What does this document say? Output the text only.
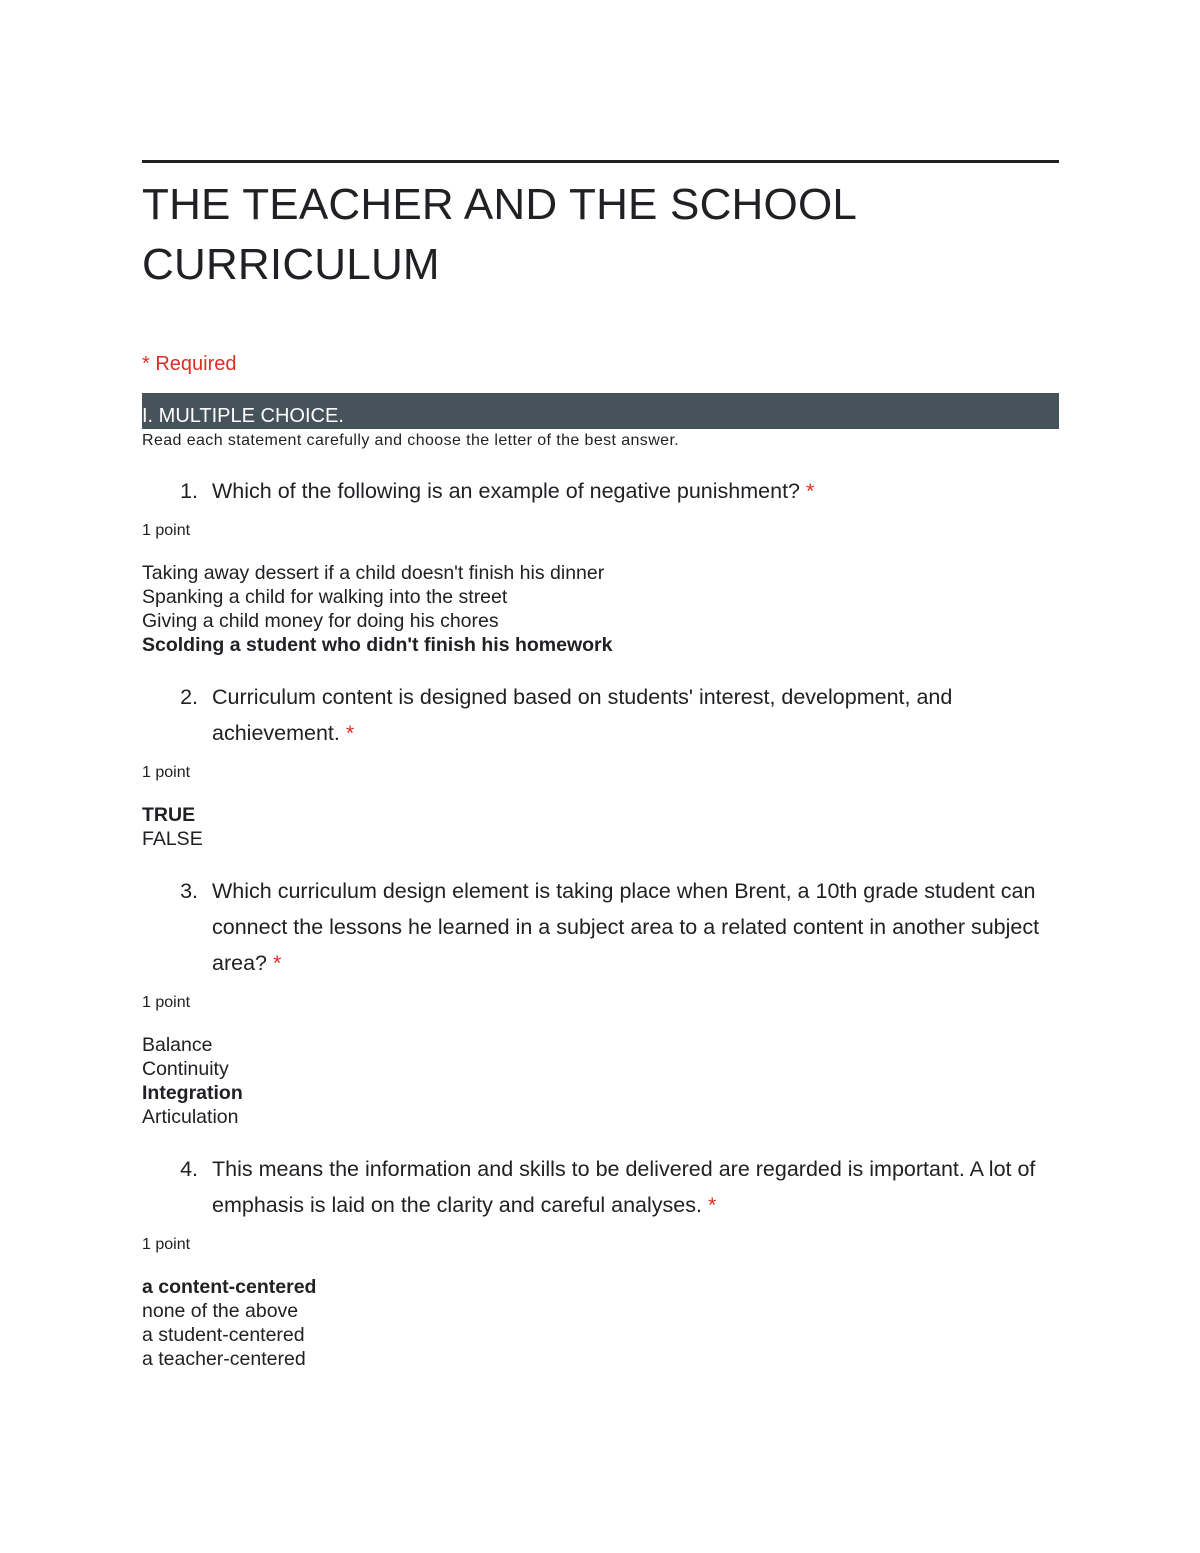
THE TEACHER AND THE SCHOOL CURRICULUM
* Required
I. MULTIPLE CHOICE.
Read each statement carefully and choose the letter of the best answer.
1. Which of the following is an example of negative punishment? *
1 point
Taking away dessert if a child doesn't finish his dinner
Spanking a child for walking into the street
Giving a child money for doing his chores
Scolding a student who didn't finish his homework
2. Curriculum content is designed based on students' interest, development, and achievement. *
1 point
TRUE
FALSE
3. Which curriculum design element is taking place when Brent, a 10th grade student can connect the lessons he learned in a subject area to a related content in another subject area? *
1 point
Balance
Continuity
Integration
Articulation
4. This means the information and skills to be delivered are regarded is important. A lot of emphasis is laid on the clarity and careful analyses. *
1 point
a content-centered
none of the above
a student-centered
a teacher-centered
